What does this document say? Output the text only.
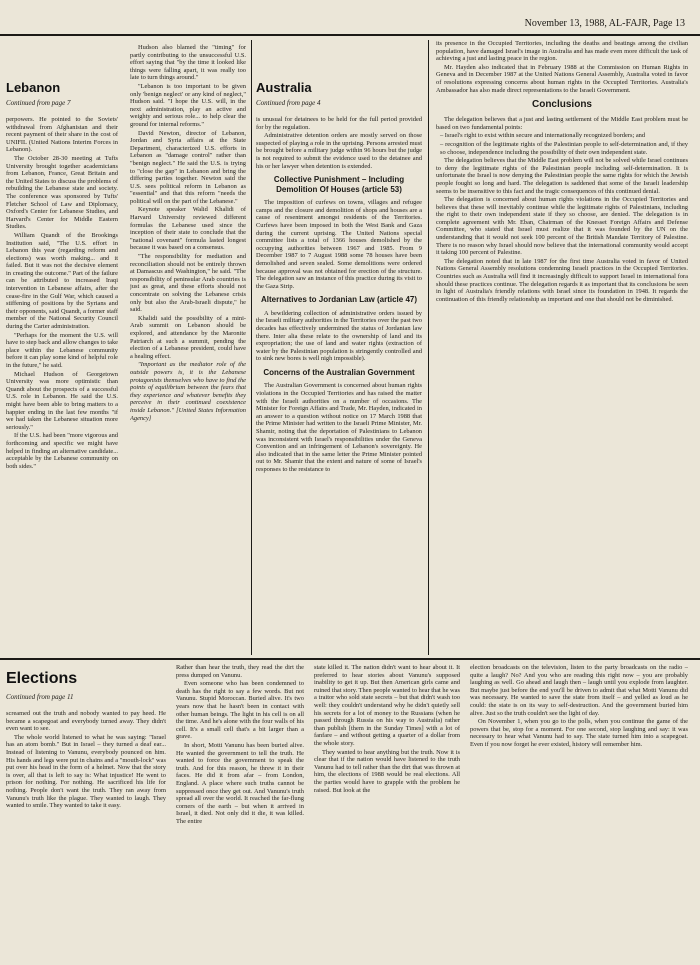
November 13, 1988, AL-FAJR, Page 13
Lebanon
Continued from page 7

perpowers. He pointed to the Soviets' withdrawal from Afghanistan and their recent payment of their share in the cost of UNIFIL (United Nations Interim Forces in Lebanon).

The October 28-30 meeting at Tufts University brought together academicians from Lebanon, France, Great Britain and the United States to discuss the problems of rebuilding the Lebanese state and society. The conference was sponsored by Tufts' Fletcher School of Law and Diplomacy, Oxford's Center for Lebanese Studies, and Harvard's Center for Middle Eastern Studies.

William Quandt of the Brookings Institution said, "The U.S. effort in Lebanon this year (regarding reform and elections) was worth making... and it failed. But it was not the decisive element in creating the outcome." Part of the failure can be attributed to increased Iraqi intervention in Lebanese affairs, after the cease-fire in the Gulf War, which caused a stiffening of positions by the Syrians and their opponents, said Quandt, a former staff member of the National Security Council during the Carter administration.

"Perhaps for the moment the U.S. will have to step back and allow changes to take place within the Lebanese community before it can play some kind of helpful role in the future," he said.

Michael Hudson of Georgetown University was more optimistic than Quandt about the prospects of a successful U.S. role in Lebanon. He said the U.S. might have been able to bring matters to a happier ending in the last few months "if we had taken the Lebanese situation more seriously."

If the U.S. had been "more vigorous and forthcoming and specific we might have helped in finding an alternative candidate... acceptable by the Lebanese community on both sides."

Hudson also blamed the "timing" for partly contributing to the unsuccessful U.S. effort saying that "by the time it looked like things were falling apart, it was really too late to turn things around."

"Lebanon is too important to be given only 'benign neglect' or any kind of neglect," Hudson said. "I hope the U.S. will, in the next administration, play an active and weighty and serious role... to help clear the ground for internal reforms."

David Newton, director of Lebanon, Jordan and Syria affairs at the State Department, characterized U.S. efforts in Lebanon as "damage control" rather than "benign neglect." He said the U.S. is trying to "close the gap" in Lebanon and bring the differing parties together. Newton said the U.S. sees political reform in Lebanon as "essential" and that this reform "needs the political will on the part of the Lebanese."

Keynote speaker Walid Khalidi of Harvard University reviewed different formulas the Lebanese used since the inception of their state to conclude that the "national covenant" formula lasted longest because it was based on a consensus.

"The responsibility for mediation and reconciliation should not be entirely thrown at Damascus and Washington," he said. "The responsibility of peninsular Arab countries is just as great, and these efforts should not concentrate on solving the Lebanese crisis only but also the Arab-Israeli dispute," he said.

Khalidi said the possibility of a mini-Arab summit on Lebanon should be explored, and attendance by the Maronite Patriarch at such a summit, pending the election of a Lebanese president, could have a healing effect.

"Important as the mediator role of the outside powers is, it is the Lebanese protagonists themselves who have to find the points of equilibrium between the fears that they experience and whatever benefits they perceive in their continued coexistence inside Lebanon." [United States Information Agency]

Australia
Continued from page 4

is unusual for detainees to be held for the full period provided for by the regulation.

Administrative detention orders are mostly served on those suspected of playing a role in the uprising. Persons arrested must be brought before a military judge within 96 hours but the judge is not required to submit the evidence used to the detainee and his or her lawyer when detention is extended.

Collective Punishment – Including Demolition Of Houses (article 53)

The imposition of curfews on towns, villages and refugee camps and the closure and demolition of shops and houses are a cause of resentment amongst residents of the Territories. Curfews have been imposed in both the West Bank and Gaza during the current uprising. The United Nations special committee lists a total of 1366 houses demolished by the occupying authorities between 1967 and 1985. From 9 December 1987 to 7 August 1988 some 78 houses have been demolished and seven sealed. Some demolitions were ordered because approval was not obtained for erection of the structure. The delegation saw an instance of this practice during its visit to the Gaza Strip.

Alternatives to Jordanian Law (article 47)

A bewildering collection of administrative orders issued by the Israeli military authorities in the Territories over the past two decades has effectively undermined the status of Jordanian law there. Inter alia these relate to the ownership of land and its expropriation; the use of land and water rights (extraction of water by the Palestinian population is stringently controlled and to sink new bores is well nigh impossible).

Concerns of the Australian Government

The Australian Government is concerned about human rights violations in the Occupied Territories and has raised the matter with the Israeli authorities on a number of occasions. The Minister for Foreign Affairs and Trade, Mr. Hayden, indicated in an answer to a question without notice on 17 March 1988 that the Prime Minister had written to the Israeli Prime Minister, Mr. Shamir, noting that the deportation of Palestinians to Lebanon was inconsistent with Israel's responsibilities under the Geneva Convention and an infringement of Lebanon's sovereignty. He also indicated that in the same letter the Prime Minister pointed out to Mr. Shamir that the extent and nature of some of Israel's responses to the resistance to

its presence in the Occupied Territories, including the deaths and beatings among the civilian population, have damaged Israel's image in Australia and has made even more difficult the task of achieving a just and lasting peace in the region.

Mr. Hayden also indicated that in February 1988 at the Commission on Human Rights in Geneva and in December 1987 at the United Nations General Assembly, Australia voted in favor of resolutions expressing concerns about human rights in the Occupied Territories. Australia's Ambassador has also made direct representations to the Israeli Government.

Conclusions

The delegation believes that a just and lasting settlement of the Middle East problem must be based on two fundamental points:

– Israel's right to exist within secure and internationally recognized borders; and

– recognition of the legitimate rights of the Palestinian people to self-determination and, if they so choose, independence including the possibility of their own independent state.

The delegation believes that the Middle East problem will not be solved while Israel continues to deny the legitimate rights of the Palestinian people including self-determination. It is unfortunate the Israel is now denying the Palestinian people the same rights for which the Jewish people fought so long and hard. The delegation is saddened that some of the Israeli leadership seems to be insensitive to this fact and the tragic consequences of this continued denial.

The delegation is concerned about human rights violations in the Occupied Territories and believes that these will inevitably continue while the legitimate rights of Palestinians, including the right to their own independent state if they so choose, are denied. The delegation is in complete agreement with Mr. Eban, Chairman of the Knesset Foreign Affairs and Defense Committee, who stated that Israel must realize that it was founded by the UN on the understanding that it would not seek 100 percent of the British Mandate Territory of Palestine. There is no reason why Israel should now believe that the international community would accept it taking 100 percent of Palestine.

The delegation noted that in late 1987 for the first time Australia voted in favor of United Nations General Assembly resolutions condemning Israeli practices in the Occupied Territories. Countries such as Australia will find it increasingly difficult to support Israel in international fora should these practices continue. The delegation regards it as important that its conclusions be seen in light of Australia's friendly relations with Israel since its foundation in 1948. It regards the continuation of this friendly relationship as important and one that should not be diminished.

Elections
Continued from page 11

screamed out the truth and nobody wanted to pay heed. He became a scapegoat and everybody turned away. They didn't even want to see.

The whole world listened to what he was saying: "Israel has an atom bomb." But in Israel – they turned a deaf ear... Instead of listening to Vanunu, everybody pounced on him. His hands and legs were put in chains and a "mouth-lock" was put over his head in the form of a helmet. Now that the story is over, all that is left to say is: What injustice! He went to prison for nothing. For nothing. He sacrificed his life for nothing. People don't want the truth. They ran away from Vanunu's truth like the plague. They wanted to laugh. They wanted to smile. They wanted to take it easy.

Rather than hear the truth, they read the dirt the press dumped on Vanunu.

Even someone who has been condemned to death has the right to say a few words. But not Vanunu. Stupid Moroccan. Buried alive. It's two years now that he hasn't been in contact with other human beings. The light in his cell is on all the time. And he's alone with the four walls of his cell. It's a small cell that's a bit larger than a grave.

In short, Motti Vanunu has been buried alive. He wanted the government to tell the truth. He wanted to force the government to speak the truth. And for this reason, he threw it in their faces. He did it from afar – from London, England. A place where such truths cannot be suppressed once they get out. And Vanunu's truth spread all over the world. It reached the far-flung corners of the earth – but when it arrived in Israel, it died. Not only did it die, it was killed. The entire

state killed it. The nation didn't want to hear about it. It preferred to hear stories about Vanunu's supposed inability to get it up. But then American girls came and ruined that story. Then people wanted to hear that he was a traitor who sold state secrets – but that didn't wash too well: they couldn't understand why he didn't quietly sell his secrets for a lot of money to the Russians (when he passed through Russia on his way to Australia) rather than publish [them in the Sunday Times] with a lot of fanfare – and without getting a quarter of a dollar from the whole story.

They wanted to hear anything but the truth. Now it is clear that if the nation would have listened to the truth Vanunu had to tell rather than the dirt that was thrown at him, the elections of 1988 would be real elections. All the parties would have to grapple with the problem he raised. But look at the

election broadcasts on the television, listen to the party broadcasts on the radio – quite a laugh? No? And you who are reading this right now – you are probably laughing as well. Go ahead and laugh then – laugh until you explode from laughter. But maybe just before the end you'll be driven to admit that what Motti Vanunu did was necessary. He wanted to save the state from itself – and yelled as loud as he could: the state is on its way to self-destruction. And the government buried him alive. Just so the truth couldn't see the light of day.

On November 1, when you go to the polls, when you continue the game of the powers that be, stop for a moment. For one second, stop laughing and say: it was necessary to hear what Vanunu had to say. The state turned him into a scapegoat. Even if you now forget he ever existed, history will remember him.
